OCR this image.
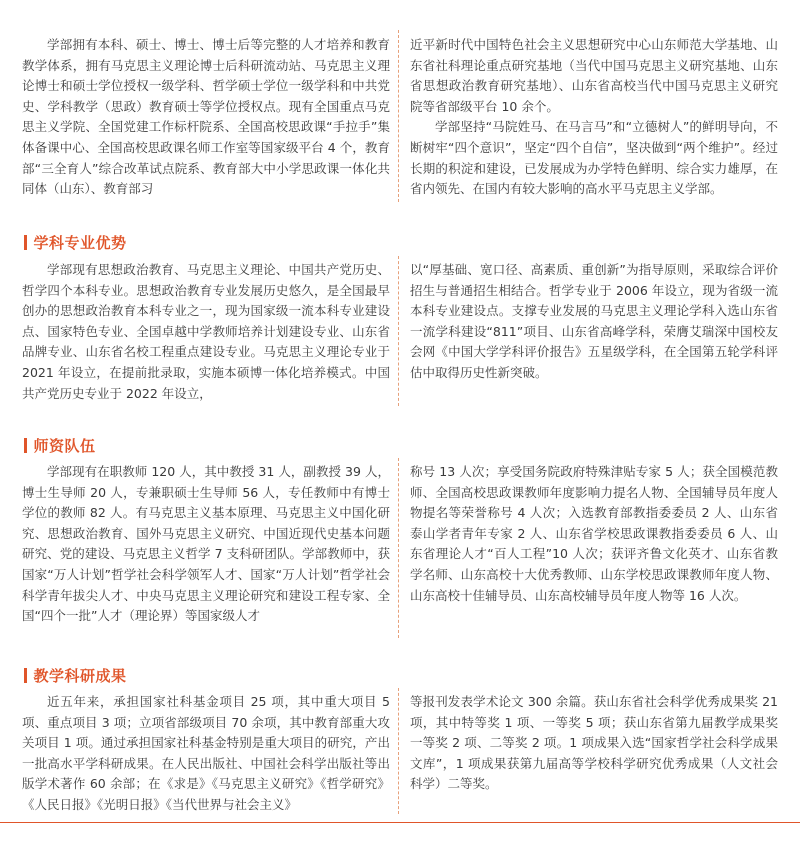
学部拥有本科、硕士、博士、博士后等完整的人才培养和教育教学体系，拥有马克思主义理论博士后科研流动站、马克思主义理论博士和硕士学位授权一级学科、哲学硕士学位一级学科和中共党史、学科教学（思政）教育硕士等学位授权点。现有全国重点马克思主义学院、全国党建工作标杆院系、全国高校思政课“手拉手”集体备课中心、全国高校思政课名师工作室等国家级平台 4 个，教育部“三全育人”综合改革试点院系、教育部大中小学思政课一体化共同体（山东）、教育部习

近平新时代中国特色社会主义思想研究中心山东师范大学基地、山东省社科理论重点研究基地（当代中国马克思主义研究基地、山东省思想政治教育研究基地）、山东省高校当代中国马克思主义研究院等省部级平台 10 余个。

学部坚持“马院姓马、在马言马”和“立德树人”的鲜明导向，不断树牢“四个意识”，坚定“四个自信”，坚决做到“两个维护”。经过长期的积淀和建设，已发展成为办学特色鲜明、综合实力雄厚，在省内领先、在国内有较大影响的高水平马克思主义学部。

学科专业优势

学部现有思想政治教育、马克思主义理论、中国共产党历史、哲学四个本科专业。思想政治教育专业发展历史悠久，是全国最早创办的思想政治教育本科专业之一，现为国家级一流本科专业建设点、国家特色专业、全国卓越中学教师培养计划建设专业、山东省品牌专业、山东省名校工程重点建设专业。马克思主义理论专业于 2021 年设立，在提前批录取，实施本硕博一体化培养模式。中国共产党历史专业于 2022 年设立，

以“厚基础、宽口径、高素质、重创新”为指导原则，采取综合评价招生与普通招生相结合。哲学专业于 2006 年设立，现为省级一流本科专业建设点。支撑专业发展的马克思主义理论学科入选山东省一流学科建设“811”项目、山东省高峰学科，荣膺艾瑞深中国校友会网《中国大学学科评价报告》五星级学科，在全国第五轮学科评估中取得历史性新突破。

师资队伍

学部现有在职教师 120 人，其中教授 31 人，副教授 39 人，博士生导师 20 人，专兼职硕士生导师 56 人，专任教师中有博士学位的教师 82 人。有马克思主义基本原理、马克思主义中国化研究、思想政治教育、国外马克思主义研究、中国近现代史基本问题研究、党的建设、马克思主义哲学 7 支科研团队。学部教师中，获国家“万人计划”哲学社会科学领军人才、国家“万人计划”哲学社会科学青年拔尖人才、中央马克思主义理论研究和建设工程专家、全国“四个一批”人才（理论界）等国家级人才

称号 13 人次；享受国务院政府特殊津贴专家 5 人；获全国模范教师、全国高校思政课教师年度影响力提名人物、全国辅导员年度人物提名等荣誉称号 4 人次；入选教育部教指委委员 2 人、山东省泰山学者青年专家 2 人、山东省学校思政课教指委委员 6 人、山东省理论人才“百人工程”10 人次；获评齐鲁文化英才、山东省教学名师、山东高校十大优秀教师、山东学校思政课教师年度人物、山东高校十佳辅导员、山东高校辅导员年度人物等 16 人次。

教学科研成果

近五年来，承担国家社科基金项目 25 项，其中重大项目 5 项、重点项目 3 项；立项省部级项目 70 余项，其中教育部重大攻关项目 1 项。通过承担国家社科基金特别是重大项目的研究，产出一批高水平学科研成果。在人民出版社、中国社会科学出版社等出版学术著作 60 余部；在《求是》《马克思主义研究》《哲学研究》《人民日报》《光明日报》《当代世界与社会主义》

等报刊发表学术论文 300 余篇。获山东省社会科学优秀成果奖 21 项，其中特等奖 1 项、一等奖 5 项；获山东省第九届教学成果奖一等奖 2 项、二等奖 2 项。1 项成果入选“国家哲学社会科学成果文库”，1 项成果获第九届高等学校科学研究优秀成果（人文社会科学）二等奖。
